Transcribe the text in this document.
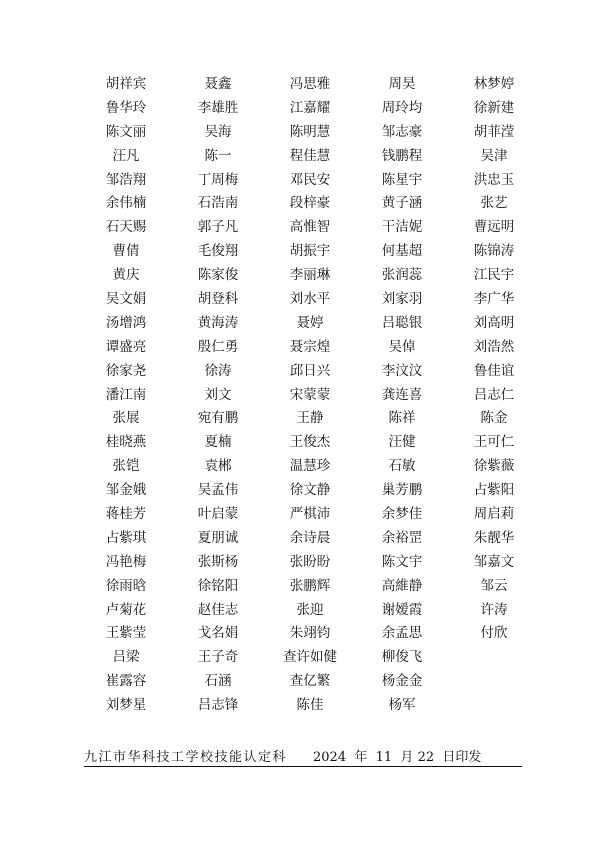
胡祥宾	聂鑫	冯思雅	周昊	林梦婷
鲁华玲	李雄胜	江嘉耀	周玲均	徐新建
陈文丽	吴海	陈明慧	邹志豪	胡菲滢
汪凡	陈一	程佳慧	钱鹏程	吴津
邹浩翔	丁周梅	邓民安	陈星宇	洪忠玉
余伟楠	石浩南	段梓豪	黄子涵	张艺
石天赐	郭子凡	高惟智	干洁妮	曹远明
曹倩	毛俊翔	胡振宇	何基超	陈锦涛
黄庆	陈家俊	李丽琳	张润蕊	江民宇
吴文娟	胡登科	刘水平	刘家羽	李广华
汤增鸿	黄海涛	聂婷	吕聪银	刘高明
谭盛亮	殷仁勇	聂宗煌	吴倬	刘浩然
徐家尧	徐涛	邱日兴	李汶汶	鲁佳谊
潘江南	刘文	宋蒙蒙	龚连喜	吕志仁
张展	宛有鹏	王静	陈祥	陈金
桂晓燕	夏楠	王俊杰	汪健	王可仁
张铠	袁郴	温慧珍	石敏	徐紫薇
邹金娥	吴孟伟	徐文静	巢芳鹏	占紫阳
蒋桂芳	叶启蒙	严棋沛	余梦佳	周启莉
占紫琪	夏朋诚	余诗晨	余裕罡	朱靓华
冯艳梅	张斯杨	张盼盼	陈文宇	邹嘉文
徐雨晗	徐铭阳	张鹏辉	高維静	邹云
卢菊花	赵佳志	张迎	谢嫒霞	许涛
王紫莹	戈名娟	朱翊钧	余孟思	付欣
吕梁	王子奇	查许如健	柳俊飞
崔露容	石涵	查亿繁	杨金金
刘梦星	吕志锋	陈佳	杨军
九江市华科技工学校技能认定科 2024  年  11  月 22  日印发
